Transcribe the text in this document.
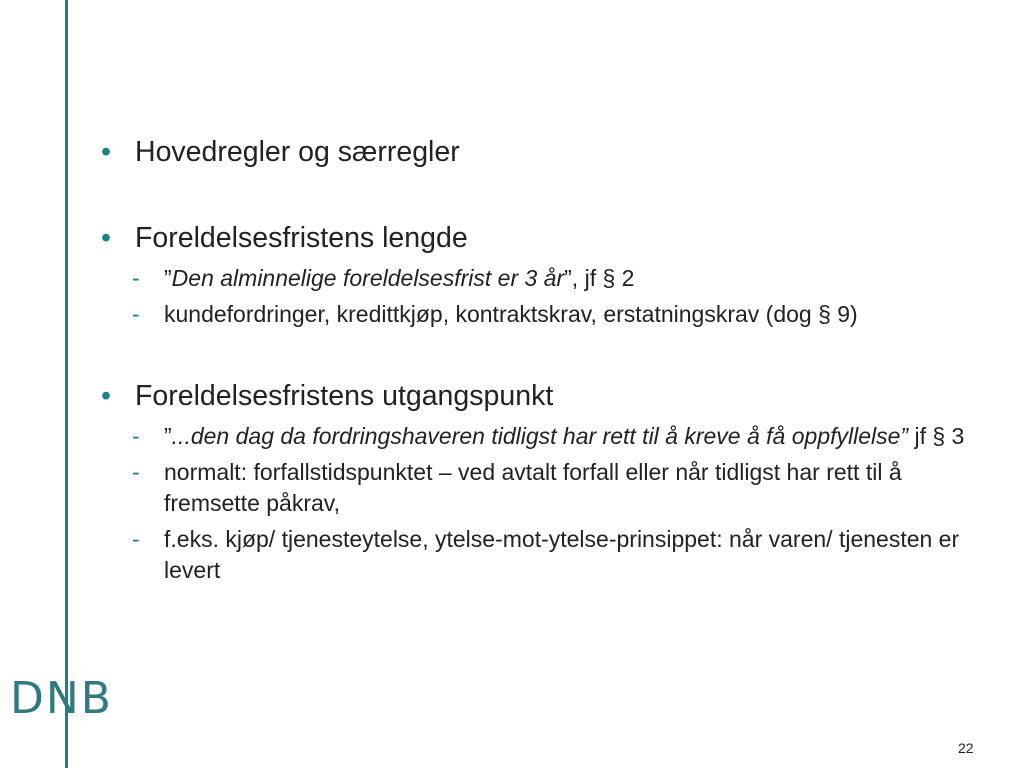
• Hovedregler og særregler
• Foreldelsesfristens lengde
- ”Den alminnelige foreldelsesfrist er 3 år”, jf § 2
- kundefordringer, kredittkjøp, kontraktskrav, erstatningskrav (dog § 9)
• Foreldelsesfristens utgangspunkt
- ”...den dag da fordringshaveren tidligst har rett til å kreve å få oppfyllelse” jf § 3
- normalt: forfallstidspunktet – ved avtalt forfall eller når tidligst har rett til å fremsette påkrav,
- f.eks. kjøp/ tjenesteytelse, ytelse-mot-ytelse-prinsippet: når varen/ tjenesten er levert
DNB
22
